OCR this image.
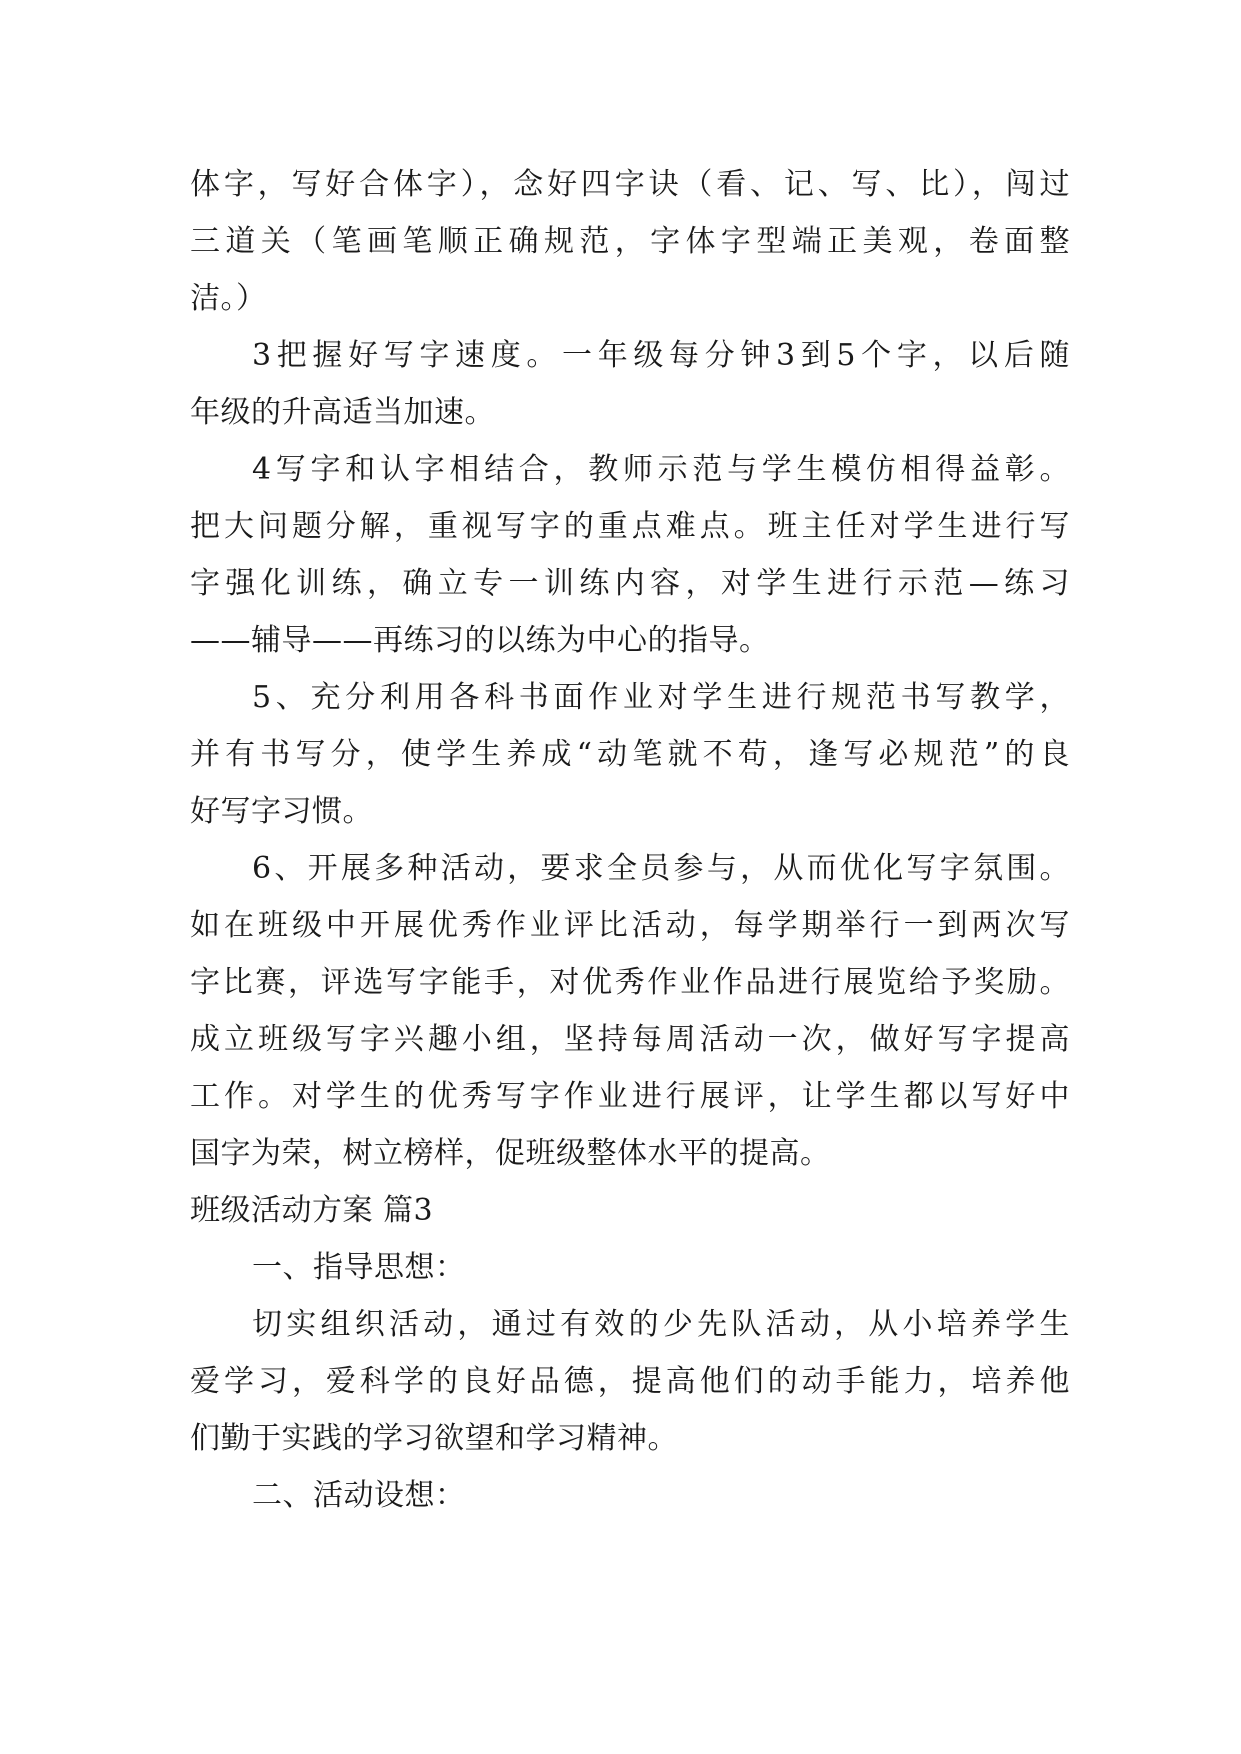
体字，写好合体字），念好四字诀（看、记、写、比），闯过
三道关（笔画笔顺正确规范，字体字型端正美观，卷面整
洁。）
3把握好写字速度。一年级每分钟3到5个字，以后随
年级的升高适当加速。
4写字和认字相结合，教师示范与学生模仿相得益彰。
把大问题分解，重视写字的重点难点。班主任对学生进行写
字强化训练，确立专一训练内容，对学生进行示范—练习
——辅导——再练习的以练为中心的指导。
5、充分利用各科书面作业对学生进行规范书写教学，
并有书写分，使学生养成“动笔就不苟，逢写必规范”的良
好写字习惯。
6、开展多种活动，要求全员参与，从而优化写字氛围。
如在班级中开展优秀作业评比活动，每学期举行一到两次写
字比赛，评选写字能手，对优秀作业作品进行展览给予奖励。
成立班级写字兴趣小组，坚持每周活动一次，做好写字提高
工作。对学生的优秀写字作业进行展评，让学生都以写好中
国字为荣，树立榜样，促班级整体水平的提高。
班级活动方案 篇3
一、指导思想：
切实组织活动，通过有效的少先队活动，从小培养学生
爱学习，爱科学的良好品德，提高他们的动手能力，培养他
们勤于实践的学习欲望和学习精神。
二、活动设想：
